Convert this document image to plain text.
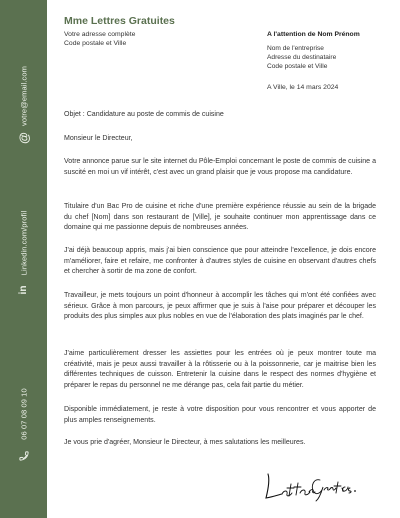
@
votre@email.com
in
Linkedin.com/profil
06 07 08 09 10
Mme Lettres Gratuites
Votre adresse complète
Code postale et Ville
A l'attention de Nom Prénom
Nom de l'entreprise
Adresse du destinataire
Code postale et Ville
A Ville, le 14 mars 2024

Objet : Candidature au poste de commis de cuisine

Monsieur le Directeur,

Votre annonce parue sur le site internet du Pôle-Emploi concernant le poste de commis de cuisine a suscité en moi un vif intérêt, c'est avec un grand plaisir que je vous propose ma candidature.

Titulaire d'un Bac Pro de cuisine et riche d'une première expérience réussie au sein de la brigade du chef [Nom] dans son restaurant de [Ville], je souhaite continuer mon apprentissage dans ce domaine qui me passionne depuis de nombreuses années.

J'ai déjà beaucoup appris, mais j'ai bien conscience que pour atteindre l'excellence, je dois encore m'améliorer, faire et refaire, me confronter à d'autres styles de cuisine en observant d'autres chefs et chercher à sortir de ma zone de confort.

Travailleur, je mets toujours un point d'honneur à accomplir les tâches qui m'ont été confiées avec sérieux. Grâce à mon parcours, je peux affirmer que je suis à l'aise pour préparer et découper les produits des plus simples aux plus nobles en vue de l'élaboration des plats imaginés par le chef.

J'aime particulièrement dresser les assiettes pour les entrées où je peux montrer toute ma créativité, mais je peux aussi travailler à la rôtisserie ou à la poissonnerie, car je maitrise bien les différentes techniques de cuisson. Entretenir la cuisine dans le respect des normes d'hygiène et préparer le repas du personnel ne me dérange pas, cela fait partie du métier.

Disponible immédiatement, je reste à votre disposition pour vous rencontrer et vous apporter de plus amples renseignements.

Je vous prie d'agréer, Monsieur le Directeur, à mes salutations les meilleures.
